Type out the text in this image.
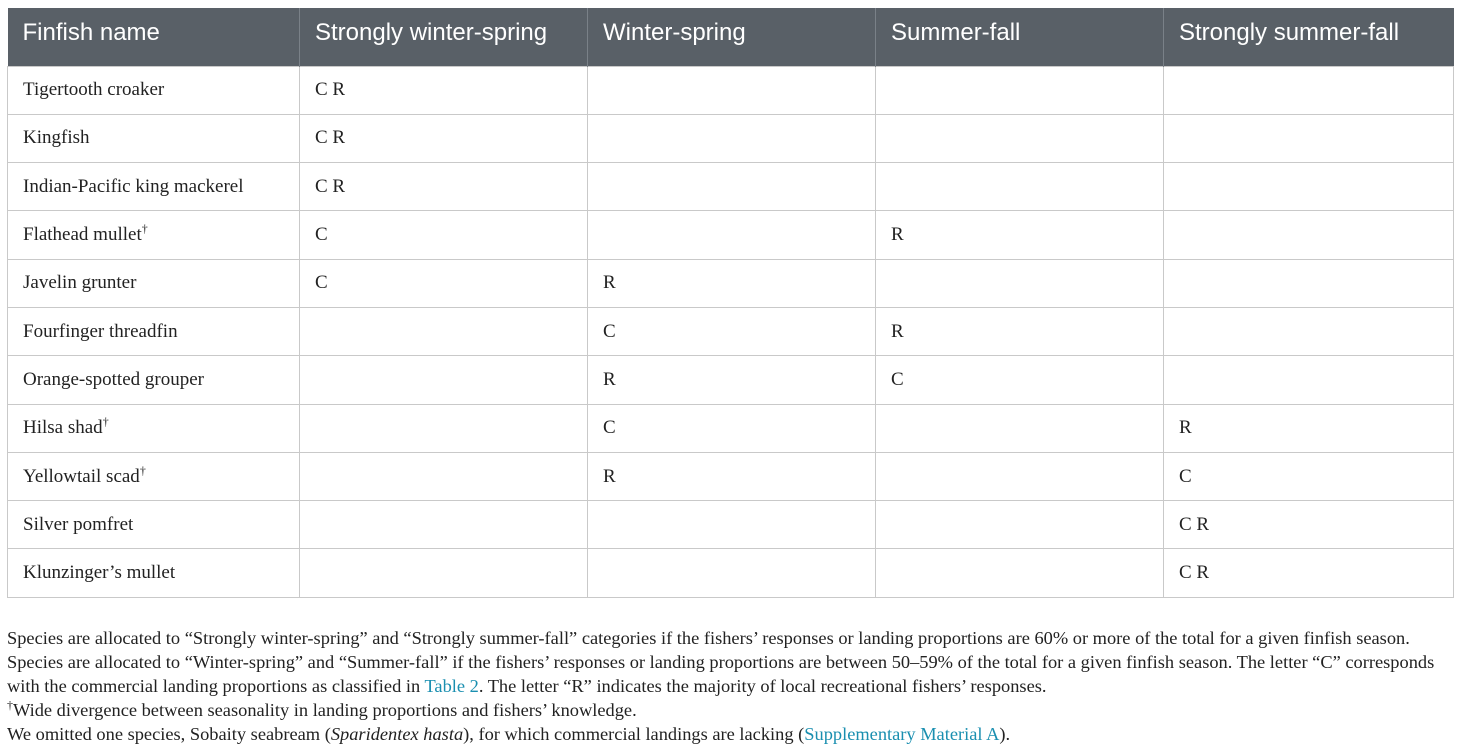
Finfish name	Strongly winter-spring	Winter-spring	Summer-fall	Strongly summer-fall
Tigertooth croaker	C R			
Kingfish	C R			
Indian-Pacific king mackerel	C R			
Flathead mullet†	C		R	
Javelin grunter	C	R		
Fourfinger threadfin		C	R	
Orange-spotted grouper		R	C	
Hilsa shad†		C		R
Yellowtail scad†		R		C
Silver pomfret				C R
Klunzinger’s mullet				C R

Species are allocated to “Strongly winter-spring” and “Strongly summer-fall” categories if the fishers’ responses or landing proportions are 60% or more of the total for a given finfish season. Species are allocated to “Winter-spring” and “Summer-fall” if the fishers’ responses or landing proportions are between 50–59% of the total for a given finfish season. The letter “C” corresponds with the commercial landing proportions as classified in Table 2. The letter “R” indicates the majority of local recreational fishers’ responses.

†Wide divergence between seasonality in landing proportions and fishers’ knowledge.

We omitted one species, Sobaity seabream (Sparidentex hasta), for which commercial landings are lacking (Supplementary Material A).
